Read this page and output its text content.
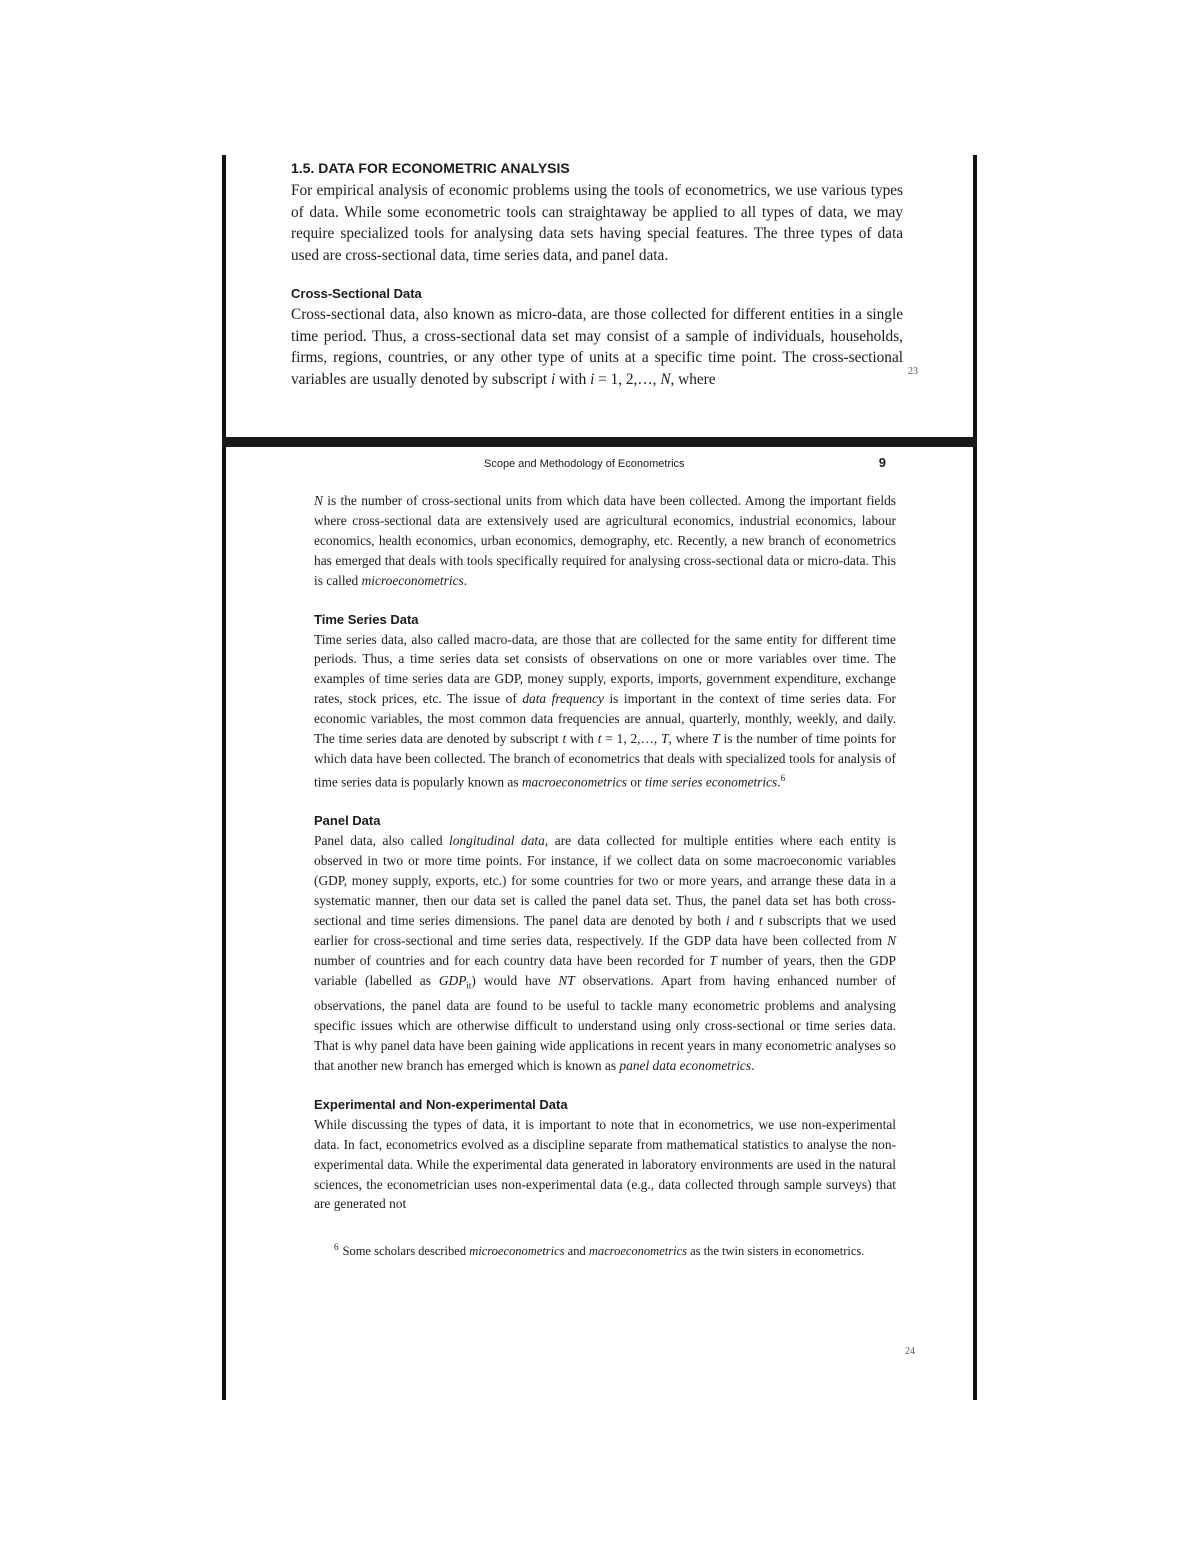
1.5. DATA FOR ECONOMETRIC ANALYSIS

For empirical analysis of economic problems using the tools of econometrics, we use various types of data. While some econometric tools can straightaway be applied to all types of data, we may require specialized tools for analysing data sets having special features. The three types of data used are cross-sectional data, time series data, and panel data.

Cross-Sectional Data

Cross-sectional data, also known as micro-data, are those collected for different entities in a single time period. Thus, a cross-sectional data set may consist of a sample of individuals, households, firms, regions, countries, or any other type of units at a specific time point. The cross-sectional variables are usually denoted by subscript i with i = 1, 2,…, N, where	23
Scope and Methodology of Econometrics	9

N is the number of cross-sectional units from which data have been collected. Among the important fields where cross-sectional data are extensively used are agricultural economics, industrial economics, labour economics, health economics, urban economics, demography, etc. Recently, a new branch of econometrics has emerged that deals with tools specifically required for analysing cross-sectional data or micro-data. This is called microeconometrics.

Time Series Data

Time series data, also called macro-data, are those that are collected for the same entity for different time periods. Thus, a time series data set consists of observations on one or more variables over time. The examples of time series data are GDP, money supply, exports, imports, government expenditure, exchange rates, stock prices, etc. The issue of data frequency is important in the context of time series data. For economic variables, the most common data frequencies are annual, quarterly, monthly, weekly, and daily. The time series data are denoted by subscript t with t = 1, 2,…, T, where T is the number of time points for which data have been collected. The branch of econometrics that deals with specialized tools for analysis of time series data is popularly known as macroeconometrics or time series econometrics.$^6$

Panel Data

Panel data, also called longitudinal data, are data collected for multiple entities where each entity is observed in two or more time points. For instance, if we collect data on some macroeconomic variables (GDP, money supply, exports, etc.) for some countries for two or more years, and arrange these data in a systematic manner, then our data set is called the panel data set. Thus, the panel data set has both cross-sectional and time series dimensions. The panel data are denoted by both i and t subscripts that we used earlier for cross-sectional and time series data, respectively. If the GDP data have been collected from N number of countries and for each country data have been recorded for T number of years, then the GDP variable (labelled as $GDP_{it}$) would have NT observations. Apart from having enhanced number of observations, the panel data are found to be useful to tackle many econometric problems and analysing specific issues which are otherwise difficult to understand using only cross-sectional or time series data. That is why panel data have been gaining wide applications in recent years in many econometric analyses so that another new branch has emerged which is known as panel data econometrics.

Experimental and Non-experimental Data

While discussing the types of data, it is important to note that in econometrics, we use non-experimental data. In fact, econometrics evolved as a discipline separate from mathematical statistics to analyse the non-experimental data. While the experimental data generated in laboratory environments are used in the natural sciences, the econometrician uses non-experimental data (e.g., data collected through sample surveys) that are generated not

$^6$ Some scholars described microeconometrics and macroeconometrics as the twin sisters in econometrics.
24
